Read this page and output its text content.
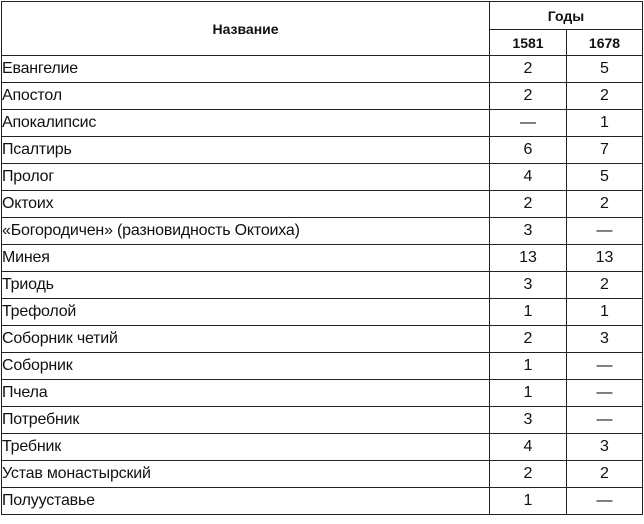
Название	Годы	
	1581	1678
Евангелие	2	5
Апостол	2	2
Апокалипсис	—	1
Псалтирь	6	7
Пролог	4	5
Октоих	2	2
«Богородичен» (разновидность Октоиха)	3	—
Минея	13	13
Триодь	3	2
Трефолой	1	1
Соборник четий	2	3
Соборник	1	—
Пчела	1	—
Потребник	3	—
Требник	4	3
Устав монастырский	2	2
Полууставье	1	—
